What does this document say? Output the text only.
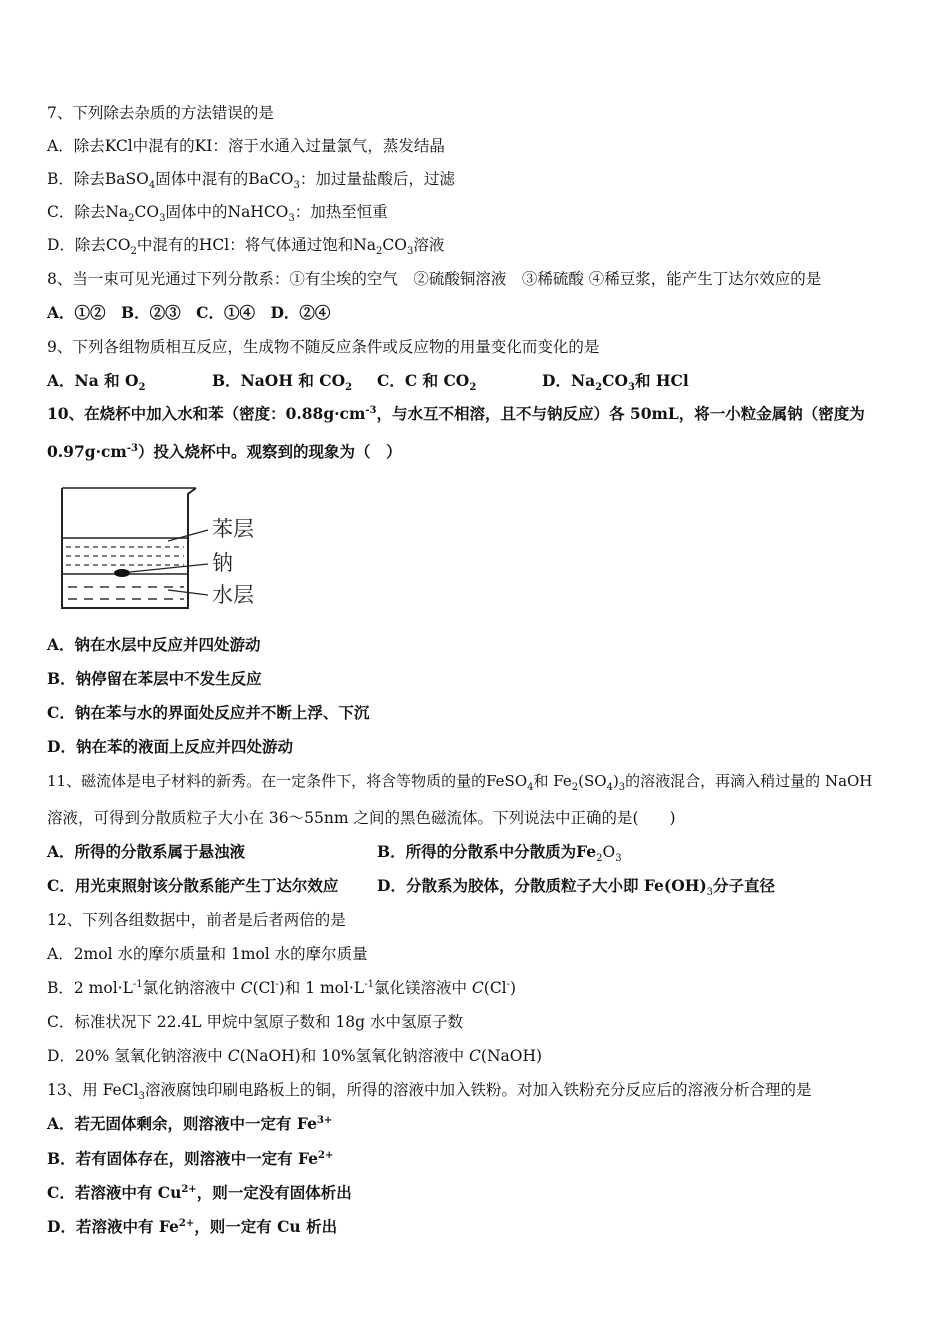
7、下列除去杂质的方法错误的是
A．除去KCl中混有的KI：溶于水通入过量氯气，蒸发结晶
B．除去BaSO$_4$固体中混有的BaCO$_3$：加过量盐酸后，过滤
C．除去$Na_2CO_3$固体中的NaHCO$_3$：加热至恒重
D．除去$CO_2$中混有的HCl：将气体通过饱和$Na_2CO_3$溶液
8、当一束可见光通过下列分散系：①有尘埃的空气　②硫酸铜溶液　③稀硫酸 ④稀豆浆，能产生丁达尔效应的是
A．①②　B．②③　C．①④　D．②④
9、下列各组物质相互反应，生成物不随反应条件或反应物的用量变化而变化的是
A．Na 和 $O_2$	B．NaOH 和 $CO_2$ C．C 和 $CO_2$	D．$Na_2CO_3$和 HCl
10、在烧杯中加入水和苯（密度：$0.88g\cdot cm^{-3}$，与水互不相溶，且不与钠反应）各 50mL，将一小粒金属钠（密度为
$0.97g\cdot cm^{-3}$）投入烧杯中。观察到的现象为（　）
苯层
钠
水层
A．钠在水层中反应并四处游动
B．钠停留在苯层中不发生反应
C．钠在苯与水的界面处反应并不断上浮、下沉
D．钠在苯的液面上反应并四处游动
11、磁流体是电子材料的新秀。在一定条件下，将含等物质的量的FeSO$_4$和 $Fe_2(SO_4)_3$的溶液混合，再滴入稍过量的 NaOH
溶液，可得到分散质粒子大小在 36～55nm 之间的黑色磁流体。下列说法中正确的是(　　)
A．所得的分散系属于悬浊液	B．所得的分散系中分散质为$Fe_2O_3$
C．用光束照射该分散系能产生丁达尔效应 D．分散系为胶体，分散质粒子大小即 $Fe(OH)_3$分子直径
12、下列各组数据中，前者是后者两倍的是
A．2mol 水的摩尔质量和 1mol 水的摩尔质量
B．2 $mol\cdot L^{-1}$氯化钠溶液中 C(Cl-)和 1 $mol\cdot L^{-1}$氯化镁溶液中 C(Cl-)
C．标准状况下 22.4L 甲烷中氢原子数和 18g 水中氢原子数
D．20% 氢氧化钠溶液中 C(NaOH)和 10%氢氧化钠溶液中 C(NaOH)
13、用 FeCl$_3$溶液腐蚀印刷电路板上的铜，所得的溶液中加入铁粉。对加入铁粉充分反应后的溶液分析合理的是
A．若无固体剩余，则溶液中一定有 $Fe^{3+}$
B．若有固体存在，则溶液中一定有 $Fe^{2+}$
C．若溶液中有 $Cu^{2+}$，则一定没有固体析出
D．若溶液中有 $Fe^{2+}$，则一定有 Cu 析出
